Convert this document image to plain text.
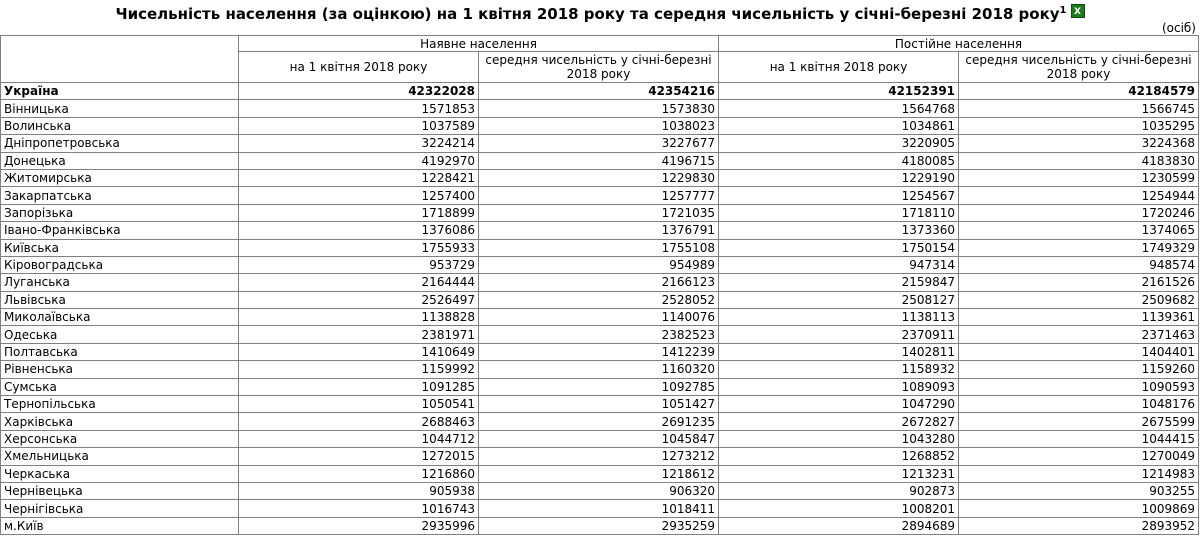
Чисельність населення (за оцінкою) на 1 квітня 2018 року та середня чисельність у січні-березні 2018 року$^1$X
(осіб)
	Наявне населення		Постійне населення	
	на 1 квітня 2018 року	середня чисельність у січні-березні 2018 року	на 1 квітня 2018 року	середня чисельність у січні-березні 2018 року
Україна	42322028	42354216	42152391	42184579
Вінницька	1571853	1573830	1564768	1566745
Волинська	1037589	1038023	1034861	1035295
Дніпропетровська	3224214	3227677	3220905	3224368
Донецька	4192970	4196715	4180085	4183830
Житомирська	1228421	1229830	1229190	1230599
Закарпатська	1257400	1257777	1254567	1254944
Запорізька	1718899	1721035	1718110	1720246
Івано-Франківська	1376086	1376791	1373360	1374065
Київська	1755933	1755108	1750154	1749329
Кіровоградська	953729	954989	947314	948574
Луганська	2164444	2166123	2159847	2161526
Львівська	2526497	2528052	2508127	2509682
Миколаївська	1138828	1140076	1138113	1139361
Одеська	2381971	2382523	2370911	2371463
Полтавська	1410649	1412239	1402811	1404401
Рівненська	1159992	1160320	1158932	1159260
Сумська	1091285	1092785	1089093	1090593
Тернопільська	1050541	1051427	1047290	1048176
Харківська	2688463	2691235	2672827	2675599
Херсонська	1044712	1045847	1043280	1044415
Хмельницька	1272015	1273212	1268852	1270049
Черкаська	1216860	1218612	1213231	1214983
Чернівецька	905938	906320	902873	903255
Чернігівська	1016743	1018411	1008201	1009869
м.Київ	2935996	2935259	2894689	2893952
